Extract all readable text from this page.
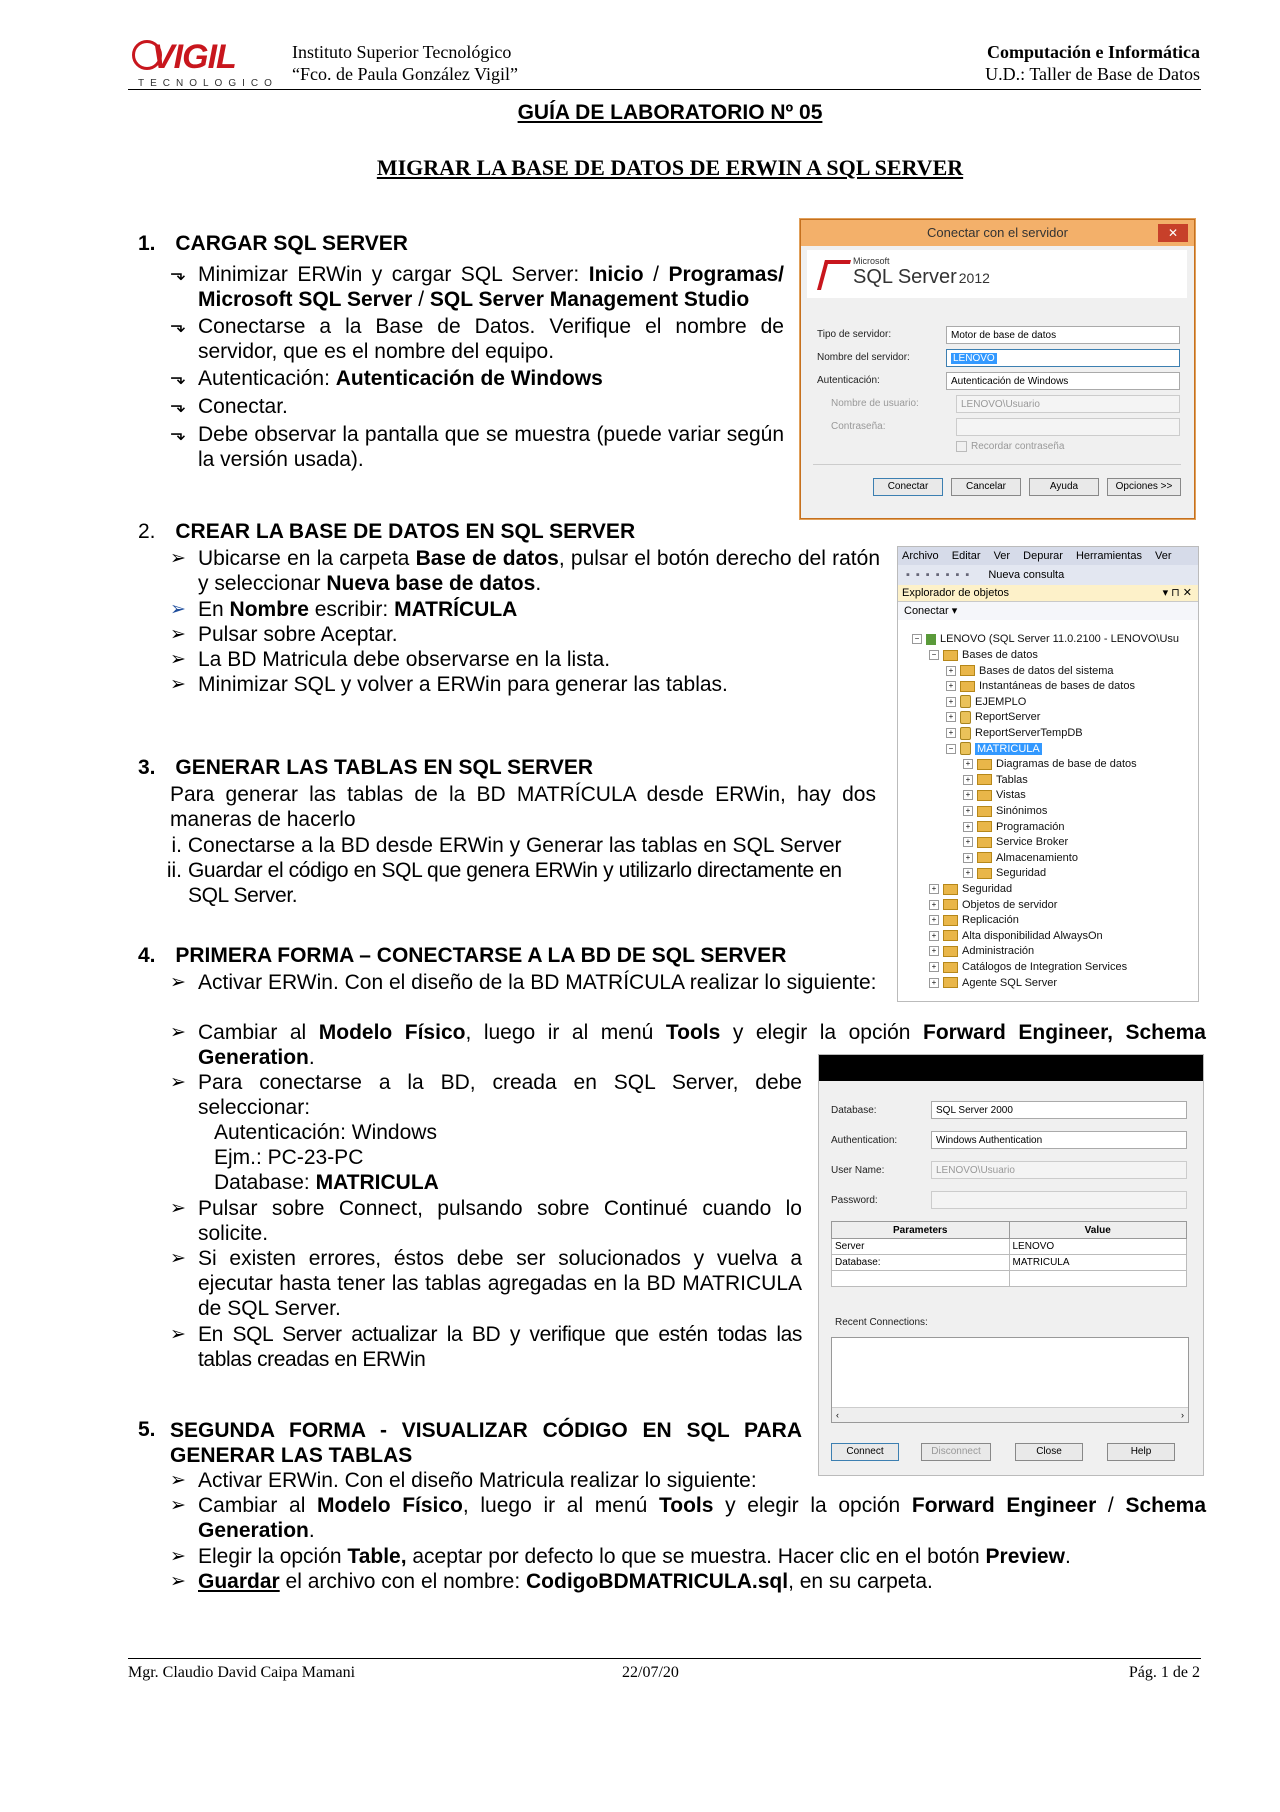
VIGIL
TECNOLOGICO
Instituto Superior Tecnológico
“Fco. de Paula González Vigil”
Computación e Informática
U.D.: Taller de Base de Datos
GUÍA DE LABORATORIO Nº 05
MIGRAR LA BASE DE DATOS DE ERWIN A SQL SERVER
1. CARGAR SQL SERVER
⬎ Minimizar ERWin y cargar SQL Server: Inicio / Programas/ Microsoft SQL Server / SQL Server Management Studio
⬎ Conectarse a la Base de Datos. Verifique el nombre de servidor, que es el nombre del equipo.
⬎ Autenticación: Autenticación de Windows
⬎ Conectar.
⬎ Debe observar la pantalla que se muestra (puede variar según la versión usada).
Conectar con el servidor	✕
Microsoft
SQL Server 2012
Tipo de servidor:	Motor de base de datos
Nombre del servidor:	LENOVO
Autenticación:	Autenticación de Windows
Nombre de usuario:	LENOVO\Usuario
Contraseña:
Recordar contraseña
Conectar	Cancelar	Ayuda	Opciones >>
2. CREAR LA BASE DE DATOS EN SQL SERVER
➢ Ubicarse en la carpeta Base de datos, pulsar el botón derecho del ratón y seleccionar Nueva base de datos.
➢ En Nombre escribir: MATRÍCULA
➢ Pulsar sobre Aceptar.
➢ La BD Matricula debe observarse en la lista.
➢ Minimizar SQL y volver a ERWin para generar las tablas.
Archivo Editar Ver Depurar Herramientas Ver
▪▪▪▪▪▪▪ Nueva consulta
Explorador de objetos	▾ ⊓ ✕
Conectar ▾
− LENOVO (SQL Server 11.0.2100 - LENOVO\Usu
− Bases de datos
+ Bases de datos del sistema
+ Instantáneas de bases de datos
+ EJEMPLO
+ ReportServer
+ ReportServerTempDB
− MATRICULA
+ Diagramas de base de datos
+ Tablas
+ Vistas
+ Sinónimos
+ Programación
+ Service Broker
+ Almacenamiento
+ Seguridad
+ Seguridad
+ Objetos de servidor
+ Replicación
+ Alta disponibilidad AlwaysOn
+ Administración
+ Catálogos de Integration Services
+ Agente SQL Server
3. GENERAR LAS TABLAS EN SQL SERVER
Para generar las tablas de la BD MATRÍCULA desde ERWin, hay dos maneras de hacerlo
i. Conectarse a la BD desde ERWin y Generar las tablas en SQL Server
ii. Guardar el código en SQL que genera ERWin y utilizarlo directamente en SQL Server.
4. PRIMERA FORMA – CONECTARSE A LA BD DE SQL SERVER
➢ Activar ERWin. Con el diseño de la BD MATRÍCULA realizar lo siguiente:
➢ Cambiar al Modelo Físico, luego ir al menú Tools y elegir la opción Forward Engineer, Schema Generation.
➢ Para conectarse a la BD, creada en SQL Server, debe seleccionar:
Autenticación: Windows
Ejm.: PC-23-PC
Database: MATRICULA
➢ Pulsar sobre Connect, pulsando sobre Continué cuando lo solicite.
➢ Si existen errores, éstos debe ser solucionados y vuelva a ejecutar hasta tener las tablas agregadas en la BD MATRICULA de SQL Server.
➢ En SQL Server actualizar la BD y verifique que estén todas las tablas creadas en ERWin
Database:	SQL Server 2000
Authentication:	Windows Authentication
User Name:	LENOVO\Usuario
Password:
Parameters	Value
Server	LENOVO
Database:	MATRICULA

Recent Connections:
‹	›
Connect	Disconnect	Close	Help
5. SEGUNDA FORMA - VISUALIZAR CÓDIGO EN SQL PARA GENERAR LAS TABLAS
➢ Activar ERWin. Con el diseño Matricula realizar lo siguiente:
➢ Cambiar al Modelo Físico, luego ir al menú Tools y elegir la opción Forward Engineer / Schema Generation.
➢ Elegir la opción Table, aceptar por defecto lo que se muestra. Hacer clic en el botón Preview.
➢ Guardar el archivo con el nombre: CodigoBDMATRICULA.sql, en su carpeta.
Mgr. Claudio David Caipa Mamani	22/07/20	Pág. 1 de 2
